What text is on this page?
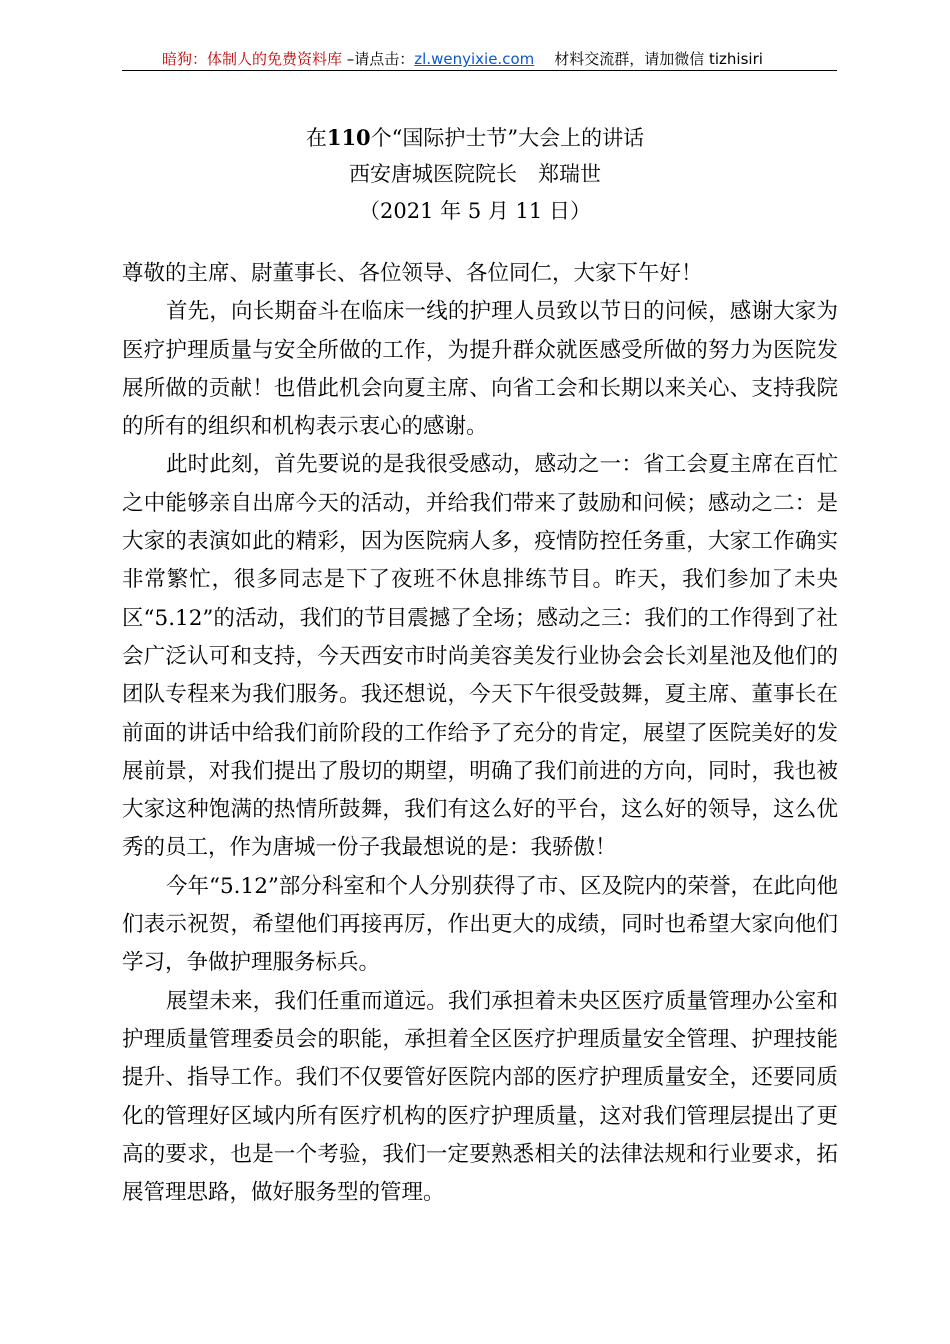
暗狗：体制人的免费资料库 –请点击：zl.wenyixie.com 材料交流群，请加微信 tizhisiri
在110个“国际护士节”大会上的讲话
西安唐城医院院长　郑瑞世
（2021 年 5 月 11 日）

尊敬的主席、尉董事长、各位领导、各位同仁，大家下午好！

首先，向长期奋斗在临床一线的护理人员致以节日的问候，感谢大家为医疗护理质量与安全所做的工作，为提升群众就医感受所做的努力为医院发展所做的贡献！也借此机会向夏主席、向省工会和长期以来关心、支持我院的所有的组织和机构表示衷心的感谢。

此时此刻，首先要说的是我很受感动，感动之一：省工会夏主席在百忙之中能够亲自出席今天的活动，并给我们带来了鼓励和问候；感动之二：是大家的表演如此的精彩，因为医院病人多，疫情防控任务重，大家工作确实非常繁忙，很多同志是下了夜班不休息排练节目。昨天，我们参加了未央区“5.12”的活动，我们的节目震撼了全场；感动之三：我们的工作得到了社会广泛认可和支持，今天西安市时尚美容美发行业协会会长刘星池及他们的团队专程来为我们服务。我还想说，今天下午很受鼓舞，夏主席、董事长在前面的讲话中给我们前阶段的工作给予了充分的肯定，展望了医院美好的发展前景，对我们提出了殷切的期望，明确了我们前进的方向，同时，我也被大家这种饱满的热情所鼓舞，我们有这么好的平台，这么好的领导，这么优秀的员工，作为唐城一份子我最想说的是：我骄傲！

今年“5.12”部分科室和个人分别获得了市、区及院内的荣誉，在此向他们表示祝贺，希望他们再接再厉，作出更大的成绩，同时也希望大家向他们学习，争做护理服务标兵。

展望未来，我们任重而道远。我们承担着未央区医疗质量管理办公室和护理质量管理委员会的职能，承担着全区医疗护理质量安全管理、护理技能提升、指导工作。我们不仅要管好医院内部的医疗护理质量安全，还要同质化的管理好区域内所有医疗机构的医疗护理质量，这对我们管理层提出了更高的要求，也是一个考验，我们一定要熟悉相关的法律法规和行业要求，拓展管理思路，做好服务型的管理。
